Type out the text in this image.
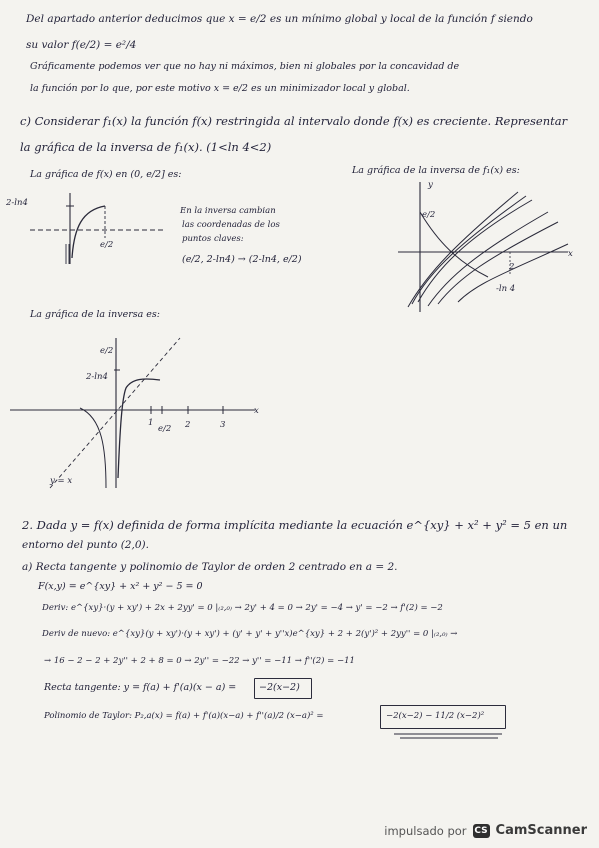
Del apartado anterior deducimos que x = e/2 es un mínimo global y local de la función f siendo
su valor f(e/2) = e²/4
Gráficamente podemos ver que no hay ni máximos, bien ni globales por la concavidad de
la función por lo que, por este motivo x = e/2 es un minimizador local y global.
c) Considerar f₁(x) la función f(x) restringida al intervalo donde f(x) es creciente. Representar
la gráfica de la inversa de f₁(x). (1<ln 4<2)
La gráfica de f(x) en (0, e/2] es:
2-ln4
e/2
En la inversa cambian
las coordenadas de los
puntos claves:
(e/2, 2-ln4) → (2-ln4, e/2)
La gráfica de la inversa de f₁(x) es:
y
x
e/2
2
-ln 4
La gráfica de la inversa es:
e/2
2-ln4
1
e/2 2	3
x
y = x
2. Dada y = f(x) definida de forma implícita mediante la ecuación e^{xy} + x² + y² = 5 en un
entorno del punto (2,0).
a) Recta tangente y polinomio de Taylor de orden 2 centrado en a = 2.
F(x,y) = e^{xy} + x² + y² − 5 = 0
Deriv: e^{xy}·(y + xy') + 2x + 2yy' = 0 |₍₂,₀₎ → 2y' + 4 = 0 → 2y' = −4 → y' = −2 → f'(2) = −2
Deriv de nuevo: e^{xy}(y + xy')·(y + xy') + (y' + y' + y''x)e^{xy} + 2 + 2(y')² + 2yy'' = 0 |₍₂,₀₎ →
→ 16 − 2 − 2 + 2y'' + 2 + 8 = 0 → 2y'' = −22 → y'' = −11 → f''(2) = −11
Recta tangente: y = f(a) + f'(a)(x − a) = −2(x−2)
Polinomio de Taylor: P₂,a(x) = f(a) + f'(a)(x−a) + f''(a)/2 (x−a)² =	−2(x−2) − 11/2 (x−2)²
impulsado por CS CamScanner
